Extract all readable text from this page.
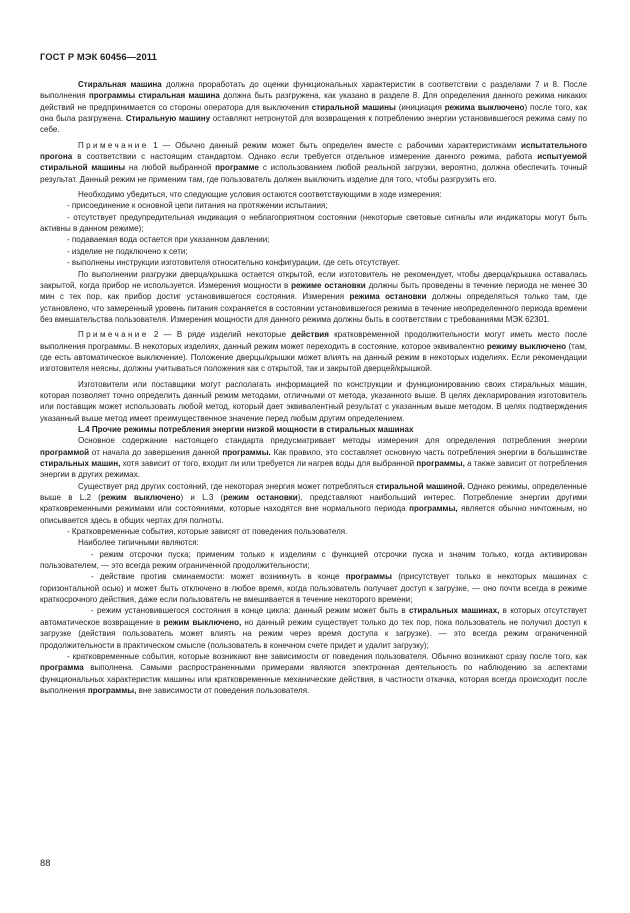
ГОСТ Р МЭК 60456—2011

Стиральная машина должна проработать до оценки функциональных характеристик в соответствии с разделами 7 и 8. После выполнения программы стиральная машина должна быть разгружена, как указано в разделе 8. Для определения данного режима никаких действий не предпринимается со стороны оператора для выключения стиральной машины (инициация режима выключено) после того, как она была разгружена. Стиральную машину оставляют нетронутой для возвращения к потреблению энергии установившегося режима саму по себе.

Примечание 1 — Обычно данный режим может быть определен вместе с рабочими характеристиками испытательного прогона в соответствии с настоящим стандартом. Однако если требуется отдельное измерение данного режима, работа испытуемой стиральной машины на любой выбранной программе с использованием любой реальной загрузки, вероятно, должна обеспечить точный результат. Данный режим не применим там, где пользователь должен выключить изделие для того, чтобы разгрузить его.

Необходимо убедиться, что следующие условия остаются соответствующими в ходе измерения:

- присоединение к основной цепи питания на протяжении испытания;

- отсутствует предупредительная индикация о неблагоприятном состоянии (некоторые световые сигналы или индикаторы могут быть активны в данном режиме);

- подаваемая вода остается при указанном давлении;

- изделие не подключено к сети;

- выполнены инструкции изготовителя относительно конфигурации, где сеть отсутствует.

По выполнении разгрузки дверца/крышка остается открытой, если изготовитель не рекомендует, чтобы дверца/крышка оставалась закрытой, когда прибор не используется. Измерения мощности в режиме остановки должны быть проведены в течение периода не менее 30 мин с тех пор, как прибор достиг установившегося состояния. Измерения режима остановки должны определяться только там, где установлено, что замеренный уровень питания сохраняется в состоянии установившегося режима в течение неопределенного периода времени без вмешательства пользователя. Измерения мощности для данного режима должны быть в соответствии с требованиями МЭК 62301.

Примечание 2 — В ряде изделий некоторые действия кратковременной продолжительности могут иметь место после выполнения программы. В некоторых изделиях, данный режим может переходить в состояние, которое эквивалентно режиму выключено (там, где есть автоматическое выключение). Положение дверцы/крышки может влиять на данный режим в некоторых изделиях. Если рекомендации изготовителя неясны, должны учитываться положения как с открытой, так и закрытой дверцей/крышкой.

Изготовители или поставщики могут располагать информацией по конструкции и функционированию своих стиральных машин, которая позволяет точно определить данный режим методами, отличными от метода, указанного выше. В целях декларирования изготовитель или поставщик может использовать любой метод, который дает эквивалентный результат с указанным выше методом. В целях подтверждения указанный выше метод имеет преимущественное значение перед любым другим определением.

L.4 Прочие режимы потребления энергии низкой мощности в стиральных машинах

Основное содержание настоящего стандарта предусматривает методы измерения для определения потребления энергии программой от начала до завершения данной программы. Как правило, это составляет основную часть потребления энергии в большинстве стиральных машин, хотя зависит от того, входит ли или требуется ли нагрев воды для выбранной программы, а также зависит от потребления энергии в других режимах.

Существует ряд других состояний, где некоторая энергия может потребляться стиральной машиной. Однако режимы, определенные выше в L.2 (режим выключено) и L.3 (режим остановки), представляют наибольший интерес. Потребление энергии другими кратковременными режимами или состояниями, которые находятся вне нормального периода программы, является обычно ничтожным, но описывается здесь в общих чертах для полноты.

- Кратковременные события, которые зависят от поведения пользователя.

Наиболее типичными являются:

- режим отсрочки пуска; применим только к изделиям с функцией отсрочки пуска и значим только, когда активирован пользователем, — это всегда режим ограниченной продолжительности;

- действие против сминаемости: может возникнуть в конце программы (присутствует только в некоторых машинах с горизонтальной осью) и может быть отключено в любое время, когда пользователь получает доступ к загрузке, — оно почти всегда в режиме краткосрочного действия, даже если пользователь не вмешивается в течение некоторого времени;

- режим установившегося состояния в конце цикла: данный режим может быть в стиральных машинах, в которых отсутствует автоматическое возвращение в режим выключено, но данный режим существует только до тех пор, пока пользователь не получил доступ к загрузке (действия пользователь может влиять на режим через время доступа к загрузке). — это всегда режим ограниченной продолжительности в практическом смысле (пользователь в конечном счете придет и удалит загрузку);

- кратковременные события, которые возникают вне зависимости от поведения пользователя. Обычно возникают сразу после того, как программа выполнена. Самыми распространенными примерами являются электронная деятельность по наблюдению за аспектами функциональных характеристик машины или кратковременные механические действия, в частности откачка, которая всегда происходит после выполнения программы, вне зависимости от поведения пользователя.

88
